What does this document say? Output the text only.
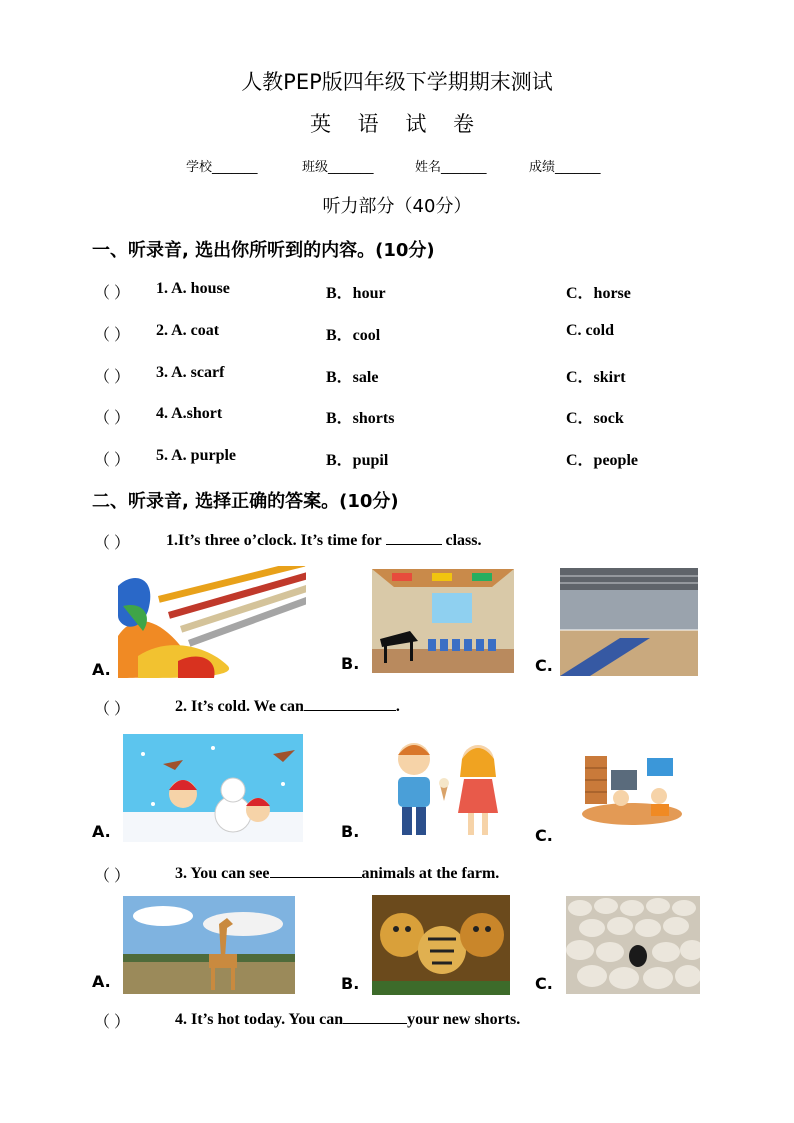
人教PEP版四年级下学期期末测试
英 语 试 卷
学校_______	班级_______	姓名_______	成绩_______
听力部分（40分）
一、听录音, 选出你所听到的内容。(10分)
（ ） 1. A. house	B．hour	C．horse
（ ） 2. A. coat	B．cool	C. cold
（ ） 3. A. scarf	B．sale	C．skirt
（ ） 4. A.short	B．shorts	C．sock
（ ） 5. A. purple	B．pupil	C．people
二、听录音, 选择正确的答案。(10分)
（ ） 1.It’s three o’clock. It’s time for	class.
A.	B.	C.
（ ）	2. It’s cold. We can	.
A.	B.	C.
（ ）	3. You can see	animals at the farm.
A.	B.	C.
（ ）	4. It’s hot today. You can	your new shorts.
